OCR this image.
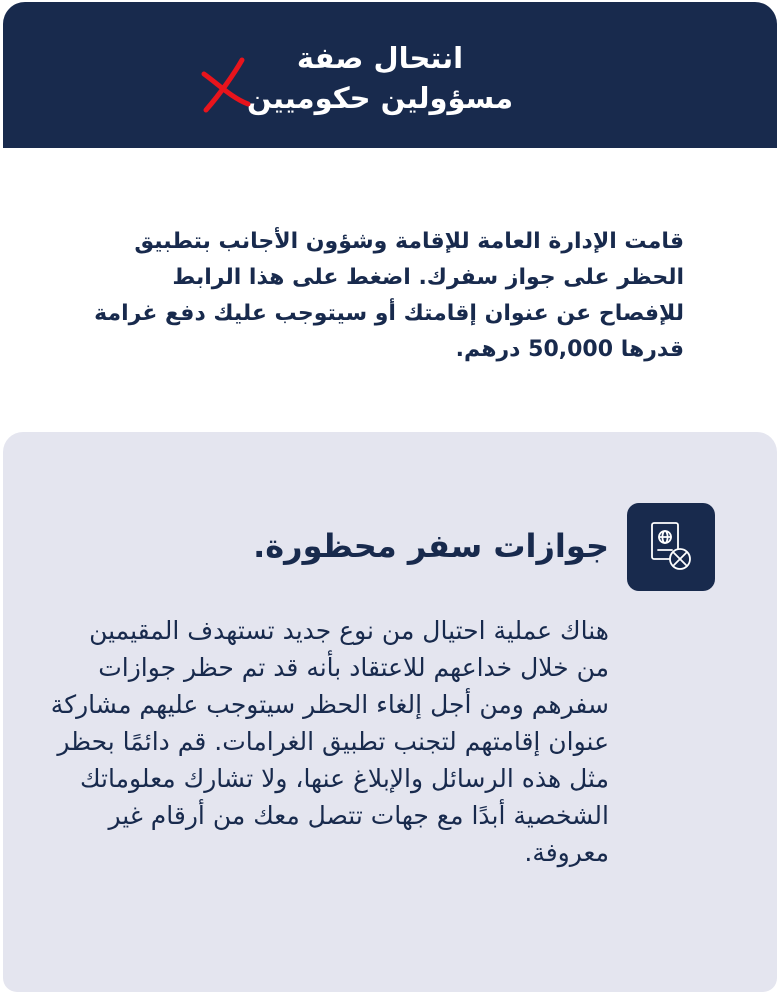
انتحال صفة
مسؤولين حكوميين
قامت الإدارة العامة للإقامة وشؤون الأجانب بتطبيق الحظر على جواز سفرك. اضغط على هذا الرابط للإفصاح عن عنوان إقامتك أو سيتوجب عليك دفع غرامة قدرها 50,000 درهم.
جوازات سفر محظورة.
هناك عملية احتيال من نوع جديد تستهدف المقيمين من خلال خداعهم للاعتقاد بأنه قد تم حظر جوازات سفرهم ومن أجل إلغاء الحظر سيتوجب عليهم مشاركة عنوان إقامتهم لتجنب تطبيق الغرامات. قم دائمًا بحظر مثل هذه الرسائل والإبلاغ عنها، ولا تشارك معلوماتك الشخصية أبدًا مع جهات تتصل معك من أرقام غير معروفة.
